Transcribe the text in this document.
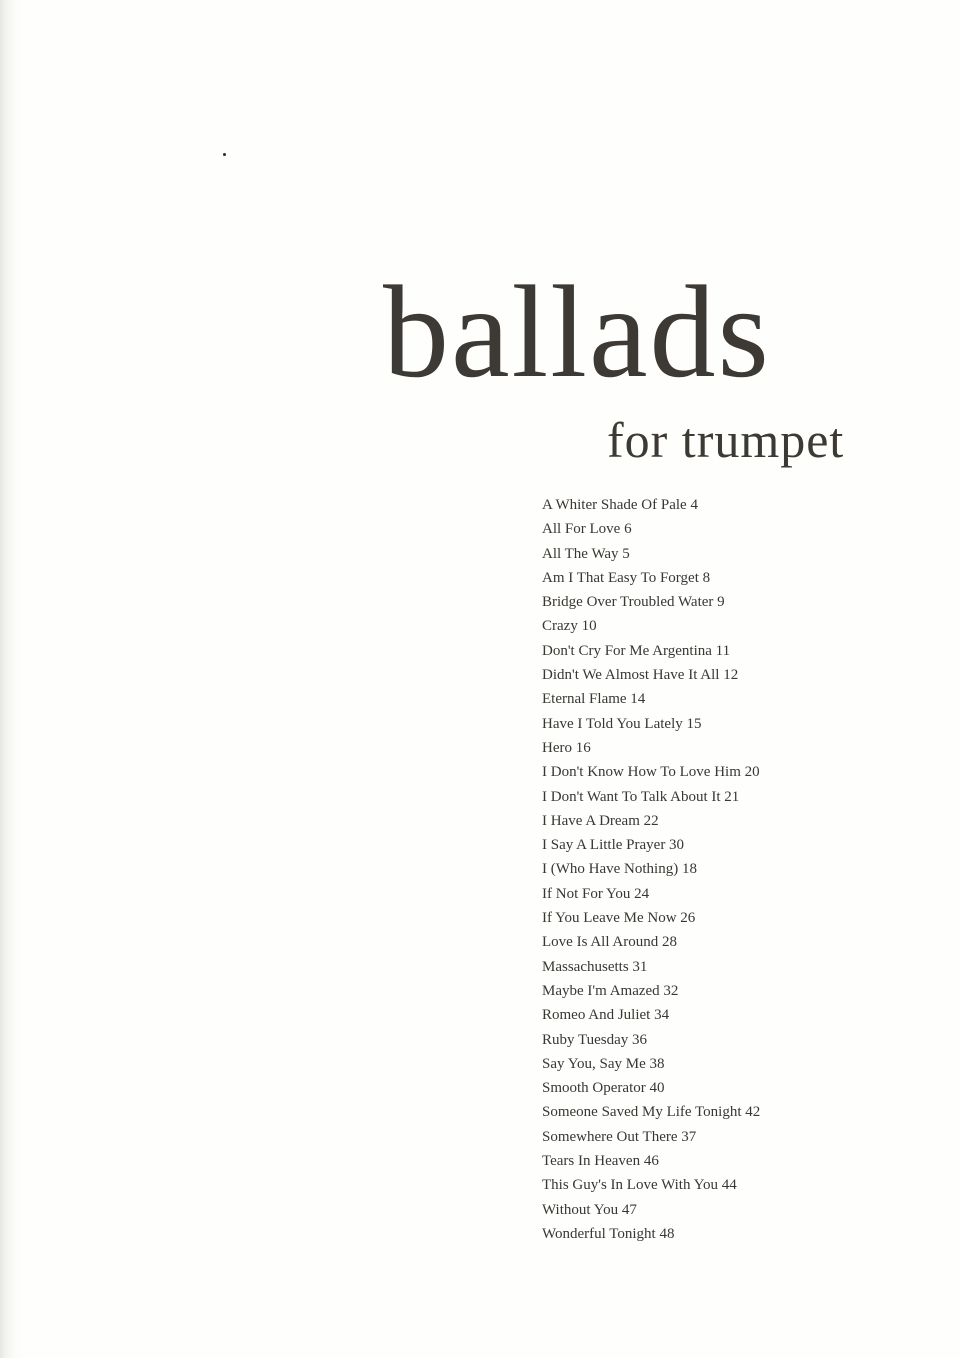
ballads
for trumpet
A Whiter Shade Of Pale 4
All For Love 6
All The Way 5
Am I That Easy To Forget 8
Bridge Over Troubled Water 9
Crazy 10
Don't Cry For Me Argentina 11
Didn't We Almost Have It All 12
Eternal Flame 14
Have I Told You Lately 15
Hero 16
I Don't Know How To Love Him 20
I Don't Want To Talk About It 21
I Have A Dream 22
I Say A Little Prayer 30
I (Who Have Nothing) 18
If Not For You 24
If You Leave Me Now 26
Love Is All Around 28
Massachusetts 31
Maybe I'm Amazed 32
Romeo And Juliet 34
Ruby Tuesday 36
Say You, Say Me 38
Smooth Operator 40
Someone Saved My Life Tonight 42
Somewhere Out There 37
Tears In Heaven 46
This Guy's In Love With You 44
Without You 47
Wonderful Tonight 48
